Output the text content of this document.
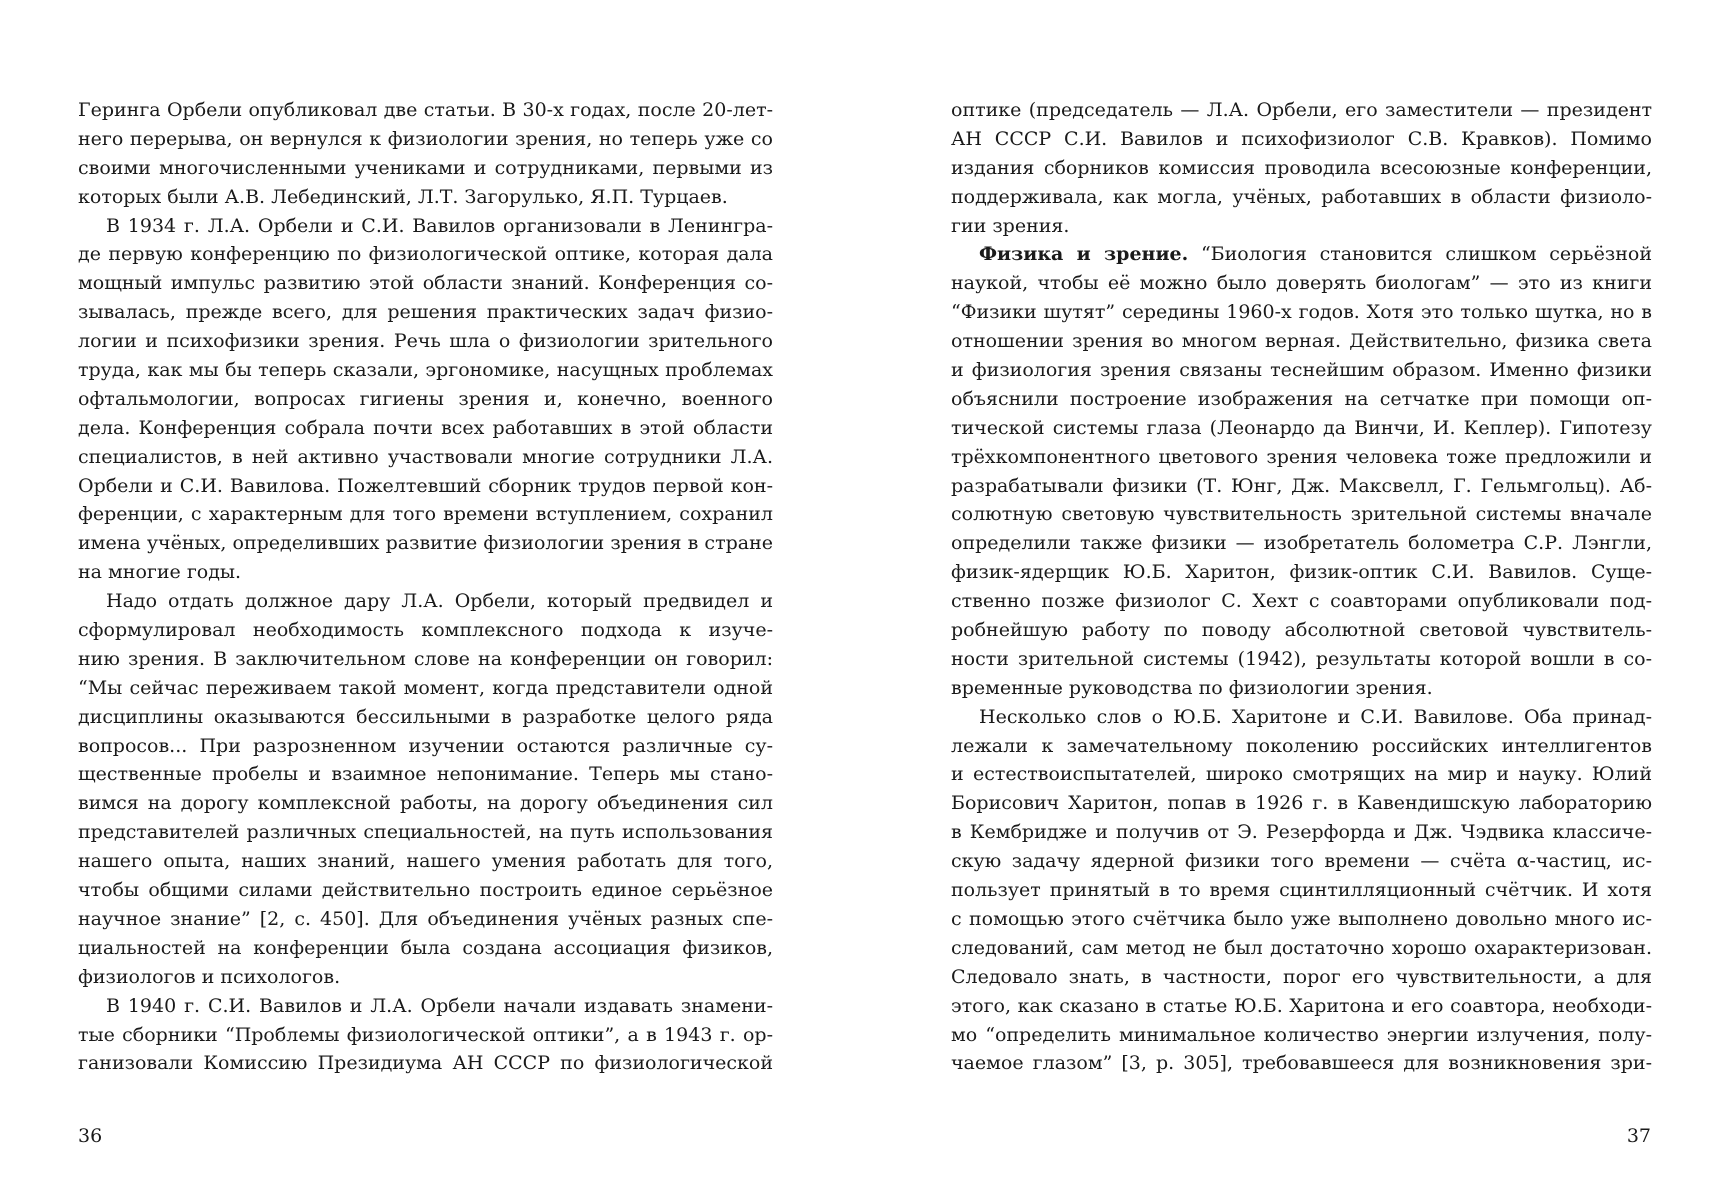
Геринга Орбели опубликовал две статьи. В 30-х годах, после 20-лет-
него перерыва, он вернулся к физиологии зрения, но теперь уже со
своими многочисленными учениками и сотрудниками, первыми из
которых были А.В. Лебединский, Л.Т. Загорулько, Я.П. Турцаев.
В 1934 г. Л.А. Орбели и С.И. Вавилов организовали в Ленингра-
де первую конференцию по физиологической оптике, которая дала
мощный импульс развитию этой области знаний. Конференция со-
зывалась, прежде всего, для решения практических задач физио-
логии и психофизики зрения. Речь шла о физиологии зрительного
труда, как мы бы теперь сказали, эргономике, насущных проблемах
офтальмологии, вопросах гигиены зрения и, конечно, военного
дела. Конференция собрала почти всех работавших в этой области
специалистов, в ней активно участвовали многие сотрудники Л.А.
Орбели и С.И. Вавилова. Пожелтевший сборник трудов первой кон-
ференции, с характерным для того времени вступлением, сохранил
имена учёных, определивших развитие физиологии зрения в стране
на многие годы.
Надо отдать должное дару Л.А. Орбели, который предвидел и
сформулировал необходимость комплексного подхода к изуче-
нию зрения. В заключительном слове на конференции он говорил:
“Мы сейчас переживаем такой момент, когда представители одной
дисциплины оказываются бессильными в разработке целого ряда
вопросов... При разрозненном изучении остаются различные су-
щественные пробелы и взаимное непонимание. Теперь мы стано-
вимся на дорогу комплексной работы, на дорогу объединения сил
представителей различных специальностей, на путь использования
нашего опыта, наших знаний, нашего умения работать для того,
чтобы общими силами действительно построить единое серьёзное
научное знание” [2, с. 450]. Для объединения учёных разных спе-
циальностей на конференции была создана ассоциация физиков,
физиологов и психологов.
В 1940 г. С.И. Вавилов и Л.А. Орбели начали издавать знамени-
тые сборники “Проблемы физиологической оптики”, а в 1943 г. ор-
ганизовали Комиссию Президиума АН СССР по физиологической
36
оптике (председатель — Л.А. Орбели, его заместители — президент
АН СССР С.И. Вавилов и психофизиолог С.В. Кравков). Помимо
издания сборников комиссия проводила всесоюзные конференции,
поддерживала, как могла, учёных, работавших в области физиоло-
гии зрения.
Физика и зрение. “Биология становится слишком серьёзной
наукой, чтобы её можно было доверять биологам” — это из книги
“Физики шутят” середины 1960-х годов. Хотя это только шутка, но в
отношении зрения во многом верная. Действительно, физика света
и физиология зрения связаны теснейшим образом. Именно физики
объяснили построение изображения на сетчатке при помощи оп-
тической системы глаза (Леонардо да Винчи, И. Кеплер). Гипотезу
трёхкомпонентного цветового зрения человека тоже предложили и
разрабатывали физики (Т. Юнг, Дж. Максвелл, Г. Гельмгольц). Аб-
солютную световую чувствительность зрительной системы вначале
определили также физики — изобретатель болометра С.Р. Лэнгли,
физик-ядерщик Ю.Б. Харитон, физик-оптик С.И. Вавилов. Суще-
ственно позже физиолог С. Хехт с соавторами опубликовали под-
робнейшую работу по поводу абсолютной световой чувствитель-
ности зрительной системы (1942), результаты которой вошли в со-
временные руководства по физиологии зрения.
Несколько слов о Ю.Б. Харитоне и С.И. Вавилове. Оба принад-
лежали к замечательному поколению российских интеллигентов
и естествоиспытателей, широко смотрящих на мир и науку. Юлий
Борисович Харитон, попав в 1926 г. в Кавендишскую лабораторию
в Кембридже и получив от Э. Резерфорда и Дж. Чэдвика классиче-
скую задачу ядерной физики того времени — счёта α-частиц, ис-
пользует принятый в то время сцинтилляционный счётчик. И хотя
с помощью этого счётчика было уже выполнено довольно много ис-
следований, сам метод не был достаточно хорошо охарактеризован.
Следовало знать, в частности, порог его чувствительности, а для
этого, как сказано в статье Ю.Б. Харитона и его соавтора, необходи-
мо “определить минимальное количество энергии излучения, полу-
чаемое глазом” [3, p. 305], требовавшееся для возникновения зри-
37
